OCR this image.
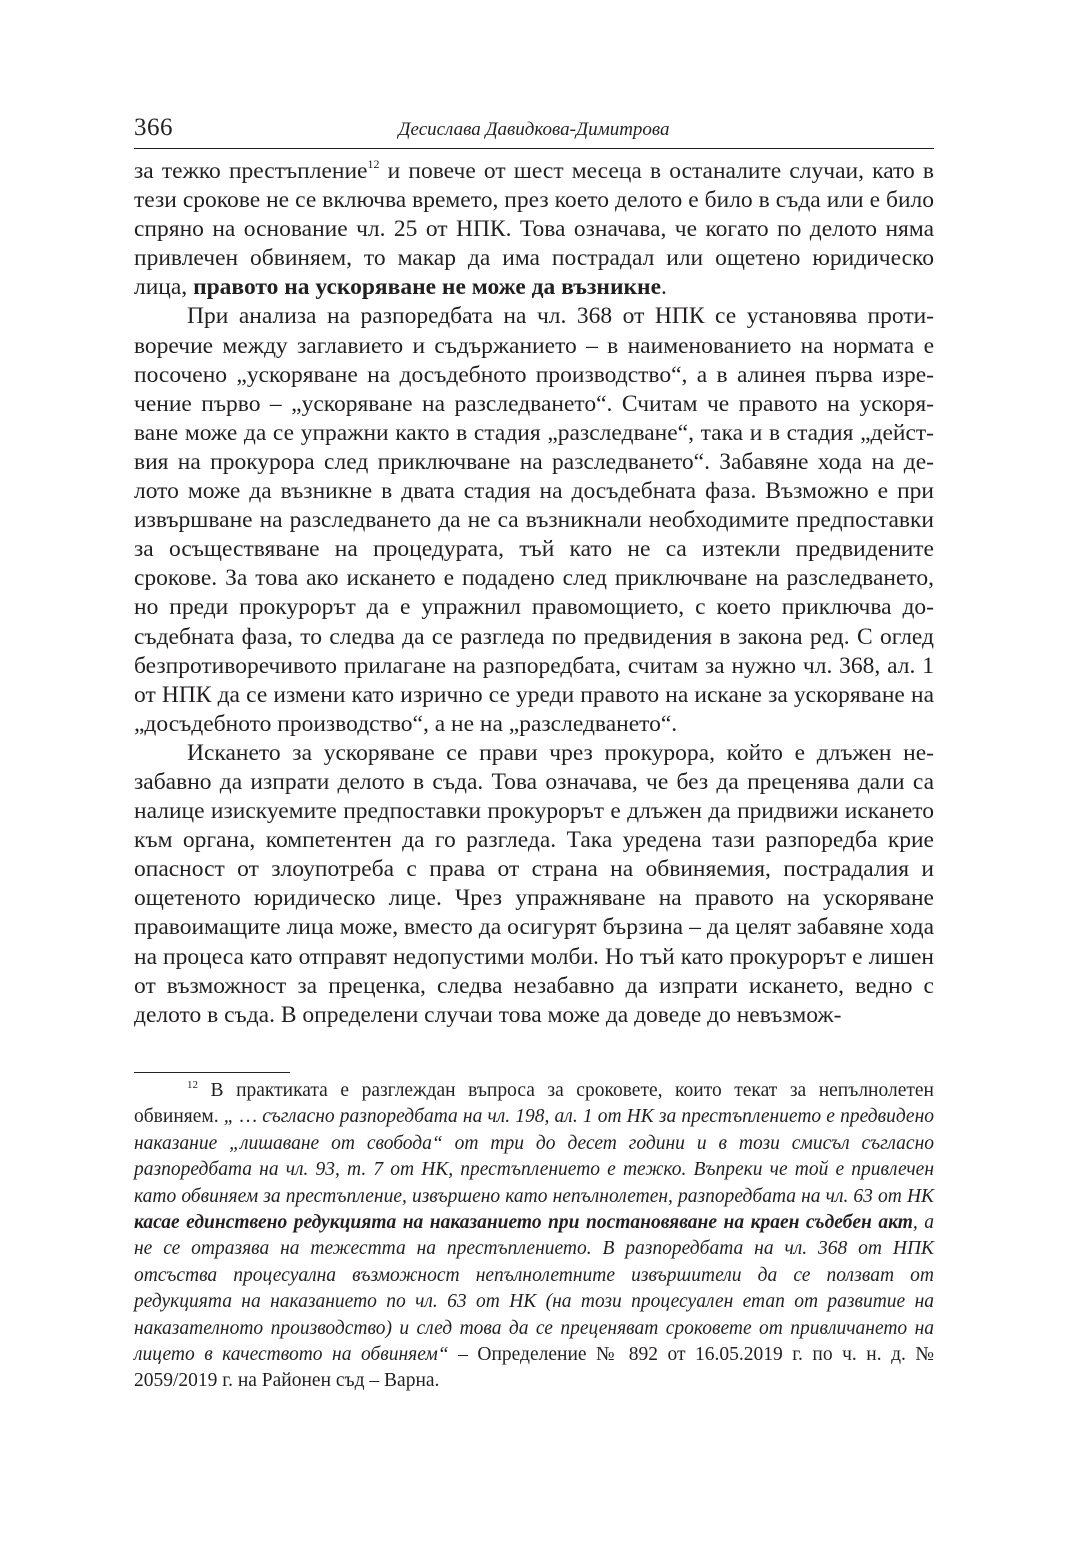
366	Десислава Давидкова-Димитрова

за тежко престъпление$^{12}$ и повече от шест месеца в останалите случаи, като в тези срокове не се включва времето, през което делото е било в съда или е било спряно на основание чл. 25 от НПК. Това означава, че когато по делото няма привлечен обвиняем, то макар да има пострадал или ощетено юридическо лица, правото на ускоряване не може да възникне.

При анализа на разпоредбата на чл. 368 от НПК се установява противоречие между заглавието и съдържанието – в наименованието на нормата е посочено „ускоряване на досъдебното производство“, а в алинея първа изречение първо – „ускоряване на разследването“. Считам че правото на ускоряване може да се упражни както в стадия „разследване“, така и в стадия „действия на прокурора след приключване на разследването“. Забавяне хода на делото може да възникне в двата стадия на досъдебната фаза. Възможно е при извършване на разследването да не са възникнали необходимите предпоставки за осъществяване на процедурата, тъй като не са изтекли предвидените срокове. За това ако искането е подадено след приключване на разследването, но преди прокурорът да е упражнил правомощието, с което приключва досъдебната фаза, то следва да се разгледа по предвидения в закона ред. С оглед безпротиворечивото прилагане на разпоредбата, считам за нужно чл. 368, ал. 1 от НПК да се измени като изрично се уреди правото на искане за ускоряване на „досъдебното производство“, а не на „разследването“.

Искането за ускоряване се прави чрез прокурора, който е длъжен незабавно да изпрати делото в съда. Това означава, че без да преценява дали са налице изискуемите предпоставки прокурорът е длъжен да придвижи искането към органа, компетентен да го разгледа. Така уредена тази разпоредба крие опасност от злоупотреба с права от страна на обвиняемия, пострадалия и ощетеното юридическо лице. Чрез упражняване на правото на ускоряване правоимащите лица може, вместо да осигурят бързина – да целят забавяне хода на процеса като отправят недопустими молби. Но тъй като прокурорът е лишен от възможност за преценка, следва незабавно да изпрати искането, ведно с делото в съда. В определени случаи това може да доведе до невъзмож-

$^{12}$ В практиката е разглеждан въпроса за сроковете, които текат за непълнолетен обвиняем. „ … съгласно разпоредбата на чл. 198, ал. 1 от НК за престъплението е предвидено наказание „лишаване от свобода“ от три до десет години и в този смисъл съгласно разпоредбата на чл. 93, т. 7 от НК, престъплението е тежко. Въпреки че той е привлечен като обвиняем за престъпление, извършено като непълнолетен, разпоредбата на чл. 63 от НК касае единствено редукцията на наказанието при постановяване на краен съдебен акт, а не се отразява на тежестта на престъплението. В разпоредбата на чл. 368 от НПК отсъства процесуална възможност непълнолетните извършители да се ползват от редукцията на наказанието по чл. 63 от НК (на този процесуален етап от развитие на наказателното производство) и след това да се преценяват сроковете от привличането на лицето в качеството на обвиняем“ – Определение № 892 от 16.05.2019 г. по ч. н. д. № 2059/2019 г. на Районен съд – Варна.
